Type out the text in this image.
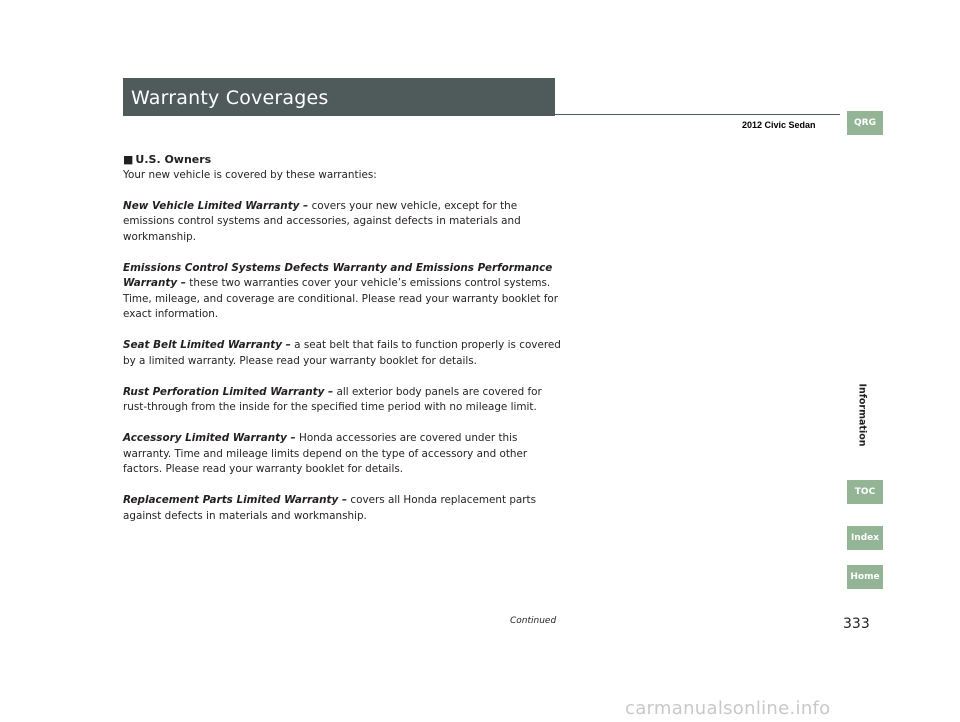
Warranty Coverages
2012 Civic Sedan	QRG
Information
TOC
Index
Home
■ U.S. Owners

Your new vehicle is covered by these warranties:

New Vehicle Limited Warranty – covers your new vehicle, except for the emissions control systems and accessories, against defects in materials and workmanship.

Emissions Control Systems Defects Warranty and Emissions Performance Warranty – these two warranties cover your vehicle’s emissions control systems. Time, mileage, and coverage are conditional. Please read your warranty booklet for exact information.

Seat Belt Limited Warranty – a seat belt that fails to function properly is covered by a limited warranty. Please read your warranty booklet for details.

Rust Perforation Limited Warranty – all exterior body panels are covered for rust-through from the inside for the specified time period with no mileage limit.

Accessory Limited Warranty – Honda accessories are covered under this warranty. Time and mileage limits depend on the type of accessory and other factors. Please read your warranty booklet for details.

Replacement Parts Limited Warranty – covers all Honda replacement parts against defects in materials and workmanship.

Continued	333
carmanualsonline.info
